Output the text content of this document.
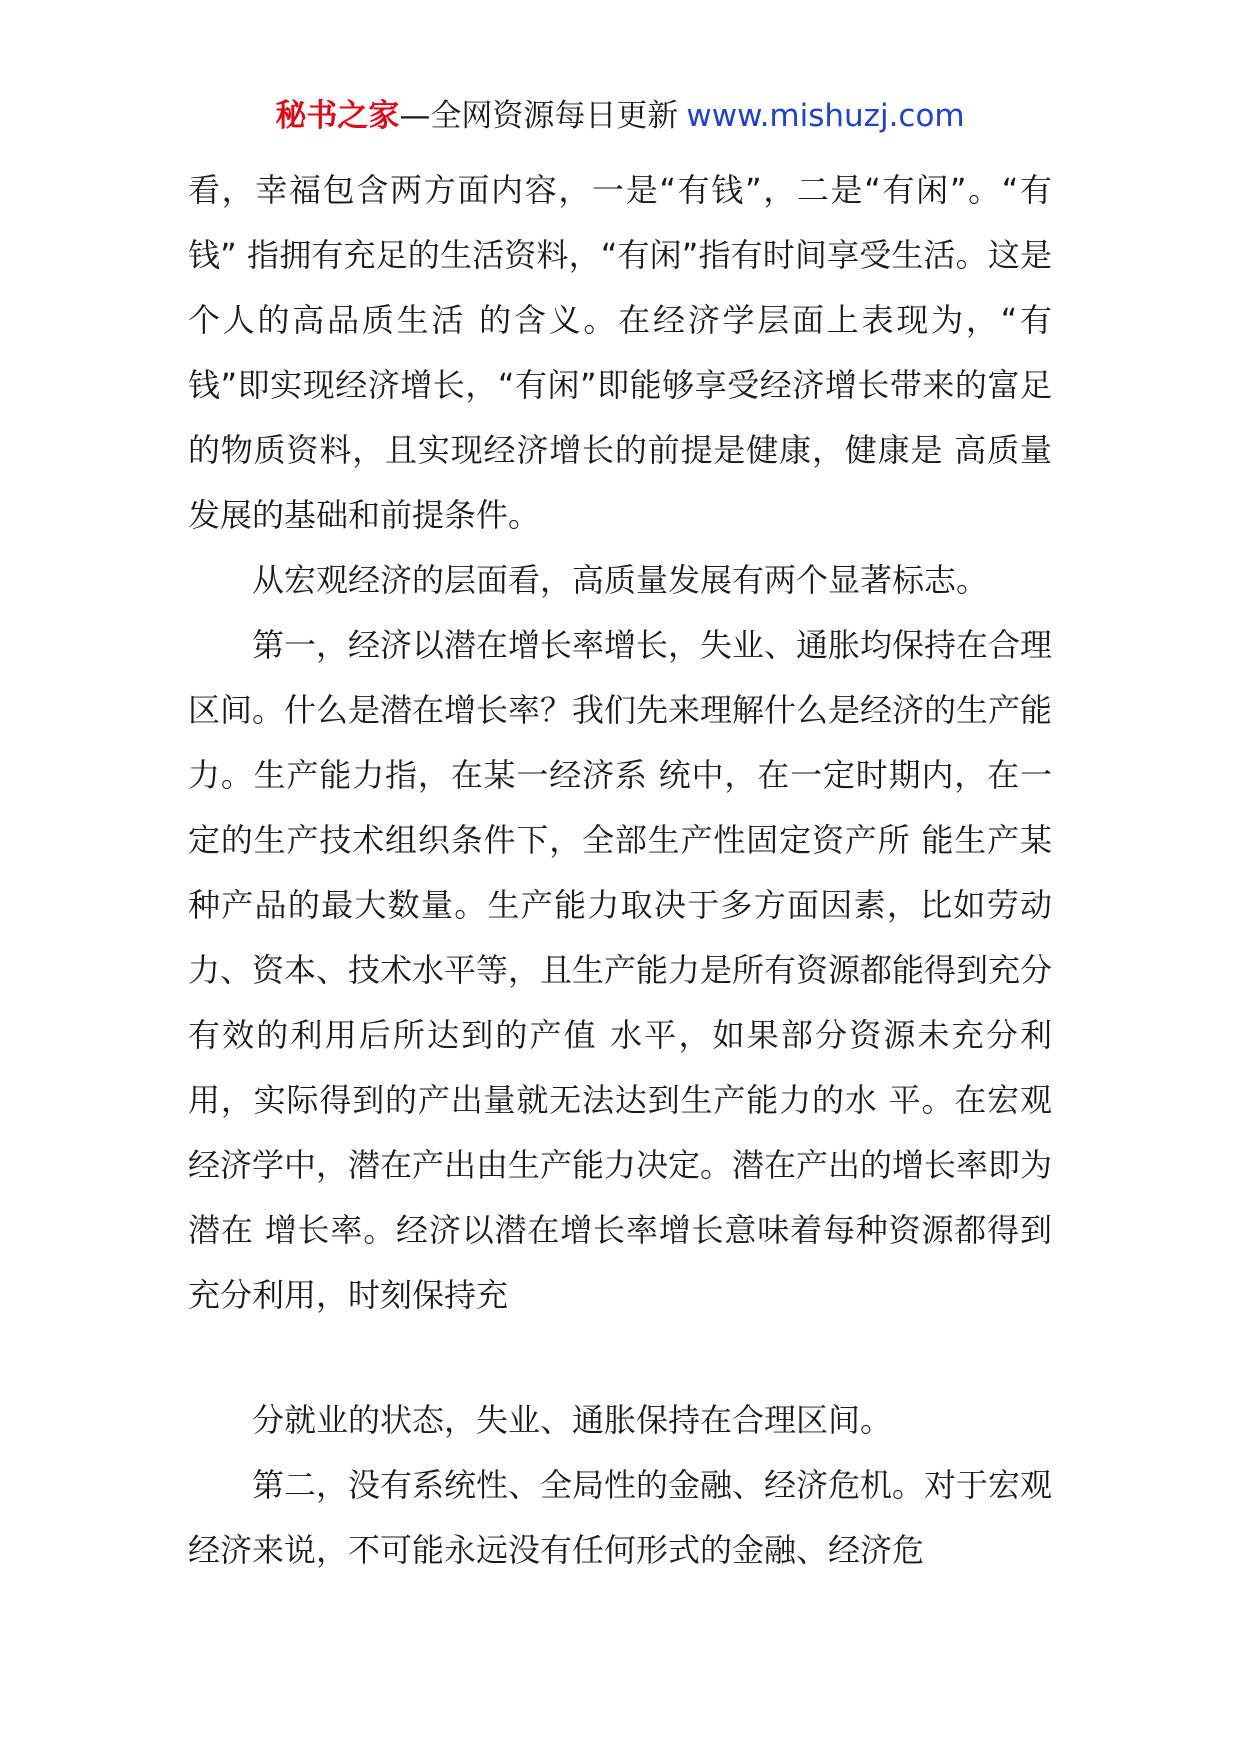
秘书之家—全网资源每日更新 www.mishuzj.com

看，幸福包含两方面内容，一是“有钱”，二是“有闲”。“有钱” 指拥有充足的生活资料，“有闲”指有时间享受生活。这是个人的高品质生活 的含义。在经济学层面上表现为，“有钱”即实现经济增长，“有闲”即能够享受经济增长带来的富足的物质资料，且实现经济增长的前提是健康，健康是 高质量发展的基础和前提条件。

从宏观经济的层面看，高质量发展有两个显著标志。

第一，经济以潜在增长率增长，失业、通胀均保持在合理区间。什么是潜在增长率？我们先来理解什么是经济的生产能力。生产能力指，在某一经济系 统中，在一定时期内，在一定的生产技术组织条件下，全部生产性固定资产所 能生产某种产品的最大数量。生产能力取决于多方面因素，比如劳动力、资本、技术水平等，且生产能力是所有资源都能得到充分有效的利用后所达到的产值 水平，如果部分资源未充分利用，实际得到的产出量就无法达到生产能力的水 平。在宏观经济学中，潜在产出由生产能力决定。潜在产出的增长率即为潜在 增长率。经济以潜在增长率增长意味着每种资源都得到充分利用，时刻保持充

分就业的状态，失业、通胀保持在合理区间。

第二，没有系统性、全局性的金融、经济危机。对于宏观经济来说，不可能永远没有任何形式的金融、经济危
